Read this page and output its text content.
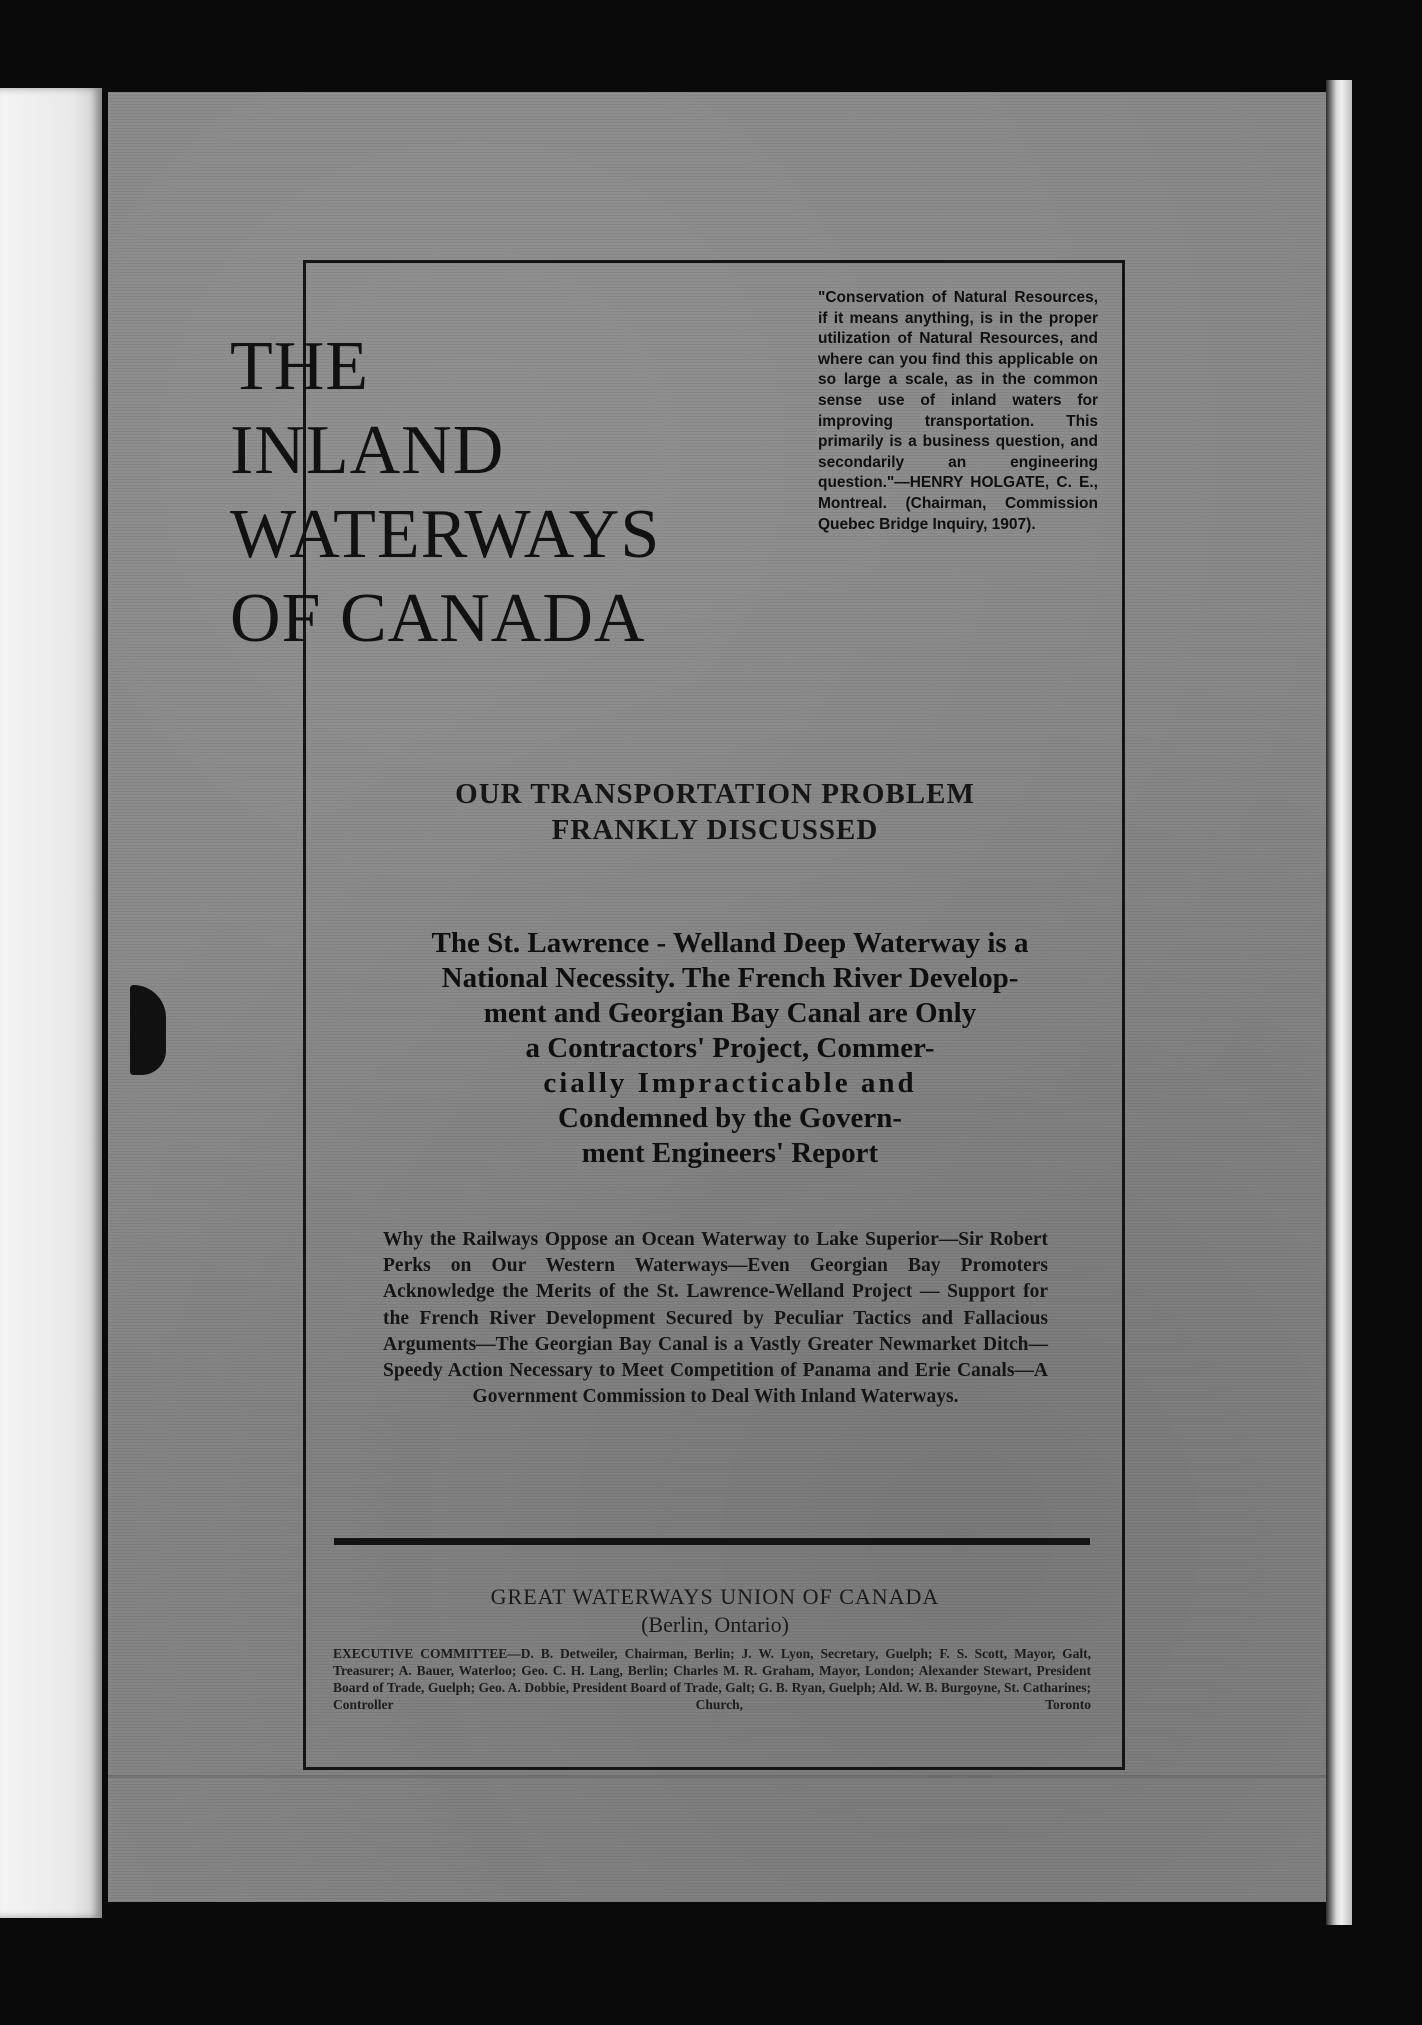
THE
INLAND
WATERWAYS
OF CANADA

"Conservation of Natural Resources, if it means anything, is in the proper utilization of Natural Resources, and where can you find this applicable on so large a scale, as in the common sense use of inland waters for improving transportation. This primarily is a business question, and secondarily an engineering question."—HENRY HOLGATE, C. E., Montreal. (Chairman, Commission Quebec Bridge Inquiry, 1907).

OUR TRANSPORTATION PROBLEM
FRANKLY DISCUSSED

The St. Lawrence - Welland Deep Waterway is a

National Necessity. The French River Develop-

ment and Georgian Bay Canal are Only

a Contractors' Project, Commer-

cially Impracticable and

Condemned by the Govern-

ment Engineers' Report

Why the Railways Oppose an Ocean Waterway to Lake Superior—Sir Robert Perks on Our Western Waterways—Even Georgian Bay Promoters Acknowledge the Merits of the St. Lawrence-Welland Project — Support for the French River Development Secured by Peculiar Tactics and Fallacious Arguments—The Georgian Bay Canal is a Vastly Greater Newmarket Ditch—Speedy Action Necessary to Meet Competition of Panama and Erie Canals—A Government Commission to Deal With Inland Waterways.

GREAT WATERWAYS UNION OF CANADA

(Berlin, Ontario)

EXECUTIVE COMMITTEE—D. B. Detweiler, Chairman, Berlin; J. W. Lyon, Secretary, Guelph; F. S. Scott, Mayor, Galt, Treasurer; A. Bauer, Waterloo; Geo. C. H. Lang, Berlin; Charles M. R. Graham, Mayor, London; Alexander Stewart, President Board of Trade, Guelph; Geo. A. Dobbie, President Board of Trade, Galt; G. B. Ryan, Guelph; Ald. W. B. Burgoyne, St. Catharines; Controller Church, Toronto
